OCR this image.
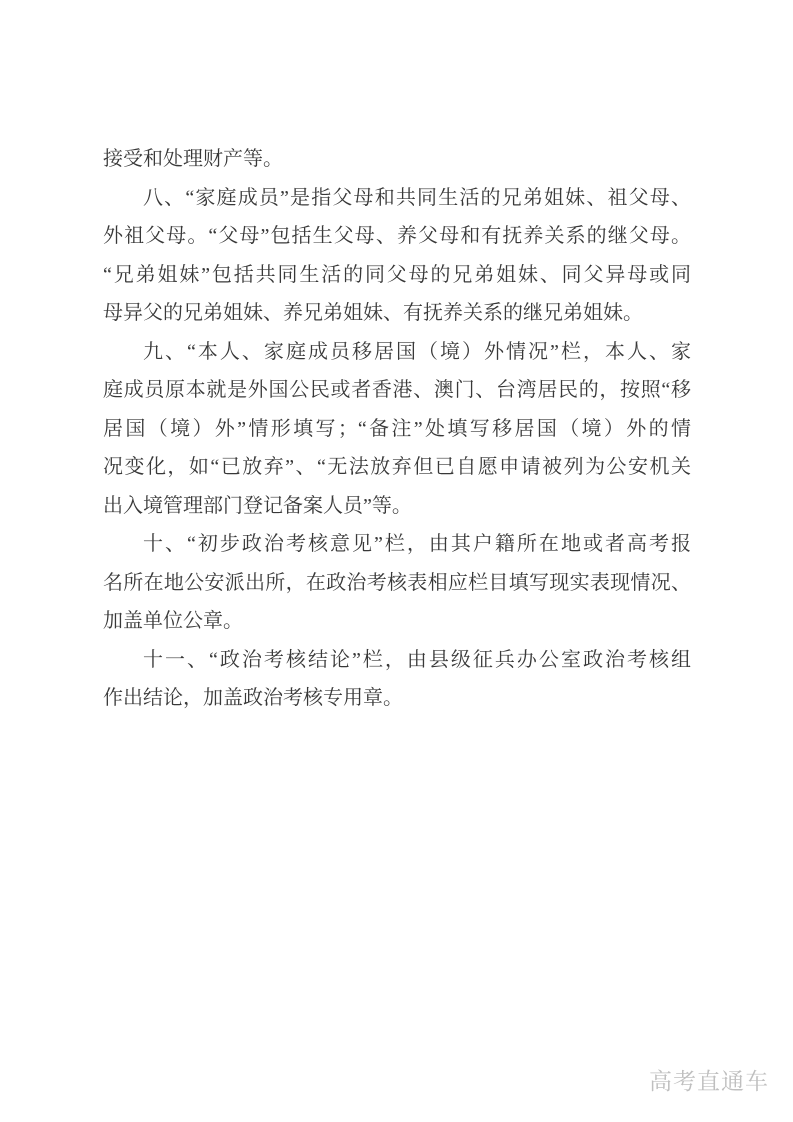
接受和处理财产等。
八、“家庭成员”是指父母和共同生活的兄弟姐妹、祖父母、
外祖父母。“父母”包括生父母、养父母和有抚养关系的继父母。
“兄弟姐妹”包括共同生活的同父母的兄弟姐妹、同父异母或同
母异父的兄弟姐妹、养兄弟姐妹、有抚养关系的继兄弟姐妹。
九、“本人、家庭成员移居国（境）外情况”栏，本人、家
庭成员原本就是外国公民或者香港、澳门、台湾居民的，按照“移
居国（境）外”情形填写；“备注”处填写移居国（境）外的情
况变化，如“已放弃”、“无法放弃但已自愿申请被列为公安机关
出入境管理部门登记备案人员”等。
十、“初步政治考核意见”栏，由其户籍所在地或者高考报
名所在地公安派出所，在政治考核表相应栏目填写现实表现情况、
加盖单位公章。
十一、“政治考核结论”栏，由县级征兵办公室政治考核组
作出结论，加盖政治考核专用章。
高考直通车
